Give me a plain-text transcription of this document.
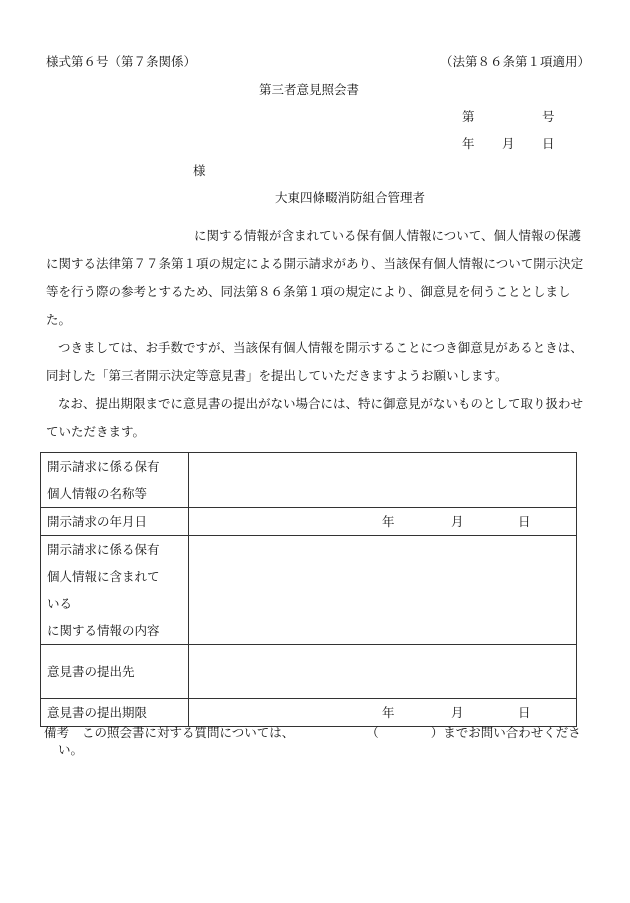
様式第６号（第７条関係）	（法第８６条第１項適用）
第三者意見照会書
第	号
年 月 日
様
大東四條畷消防組合管理者
に関する情報が含まれている保有個人情報について、個人情報の保護に関する法律第７７条第１項の規定による開示請求があり、当該保有個人情報について開示決定等を行う際の参考とするため、同法第８６条第１項の規定により、御意見を伺うこととしました。
つきましては、お手数ですが、当該保有個人情報を開示することにつき御意見があるときは、同封した「第三者開示決定等意見書」を提出していただきますようお願いします。
なお、提出期限までに意見書の提出がない場合には、特に御意見がないものとして取り扱わせていただきます。
開示請求に係る保有
個人情報の名称等	

開示請求の年月日	年 月 日

開示請求に係る保有
個人情報に含まれて
いる
に関する情報の内容	

意見書の提出先	
意見書の提出期限	年 月 日
備考 この照会書に対する質問については、	（	）までお問い合わせくださ
い。
